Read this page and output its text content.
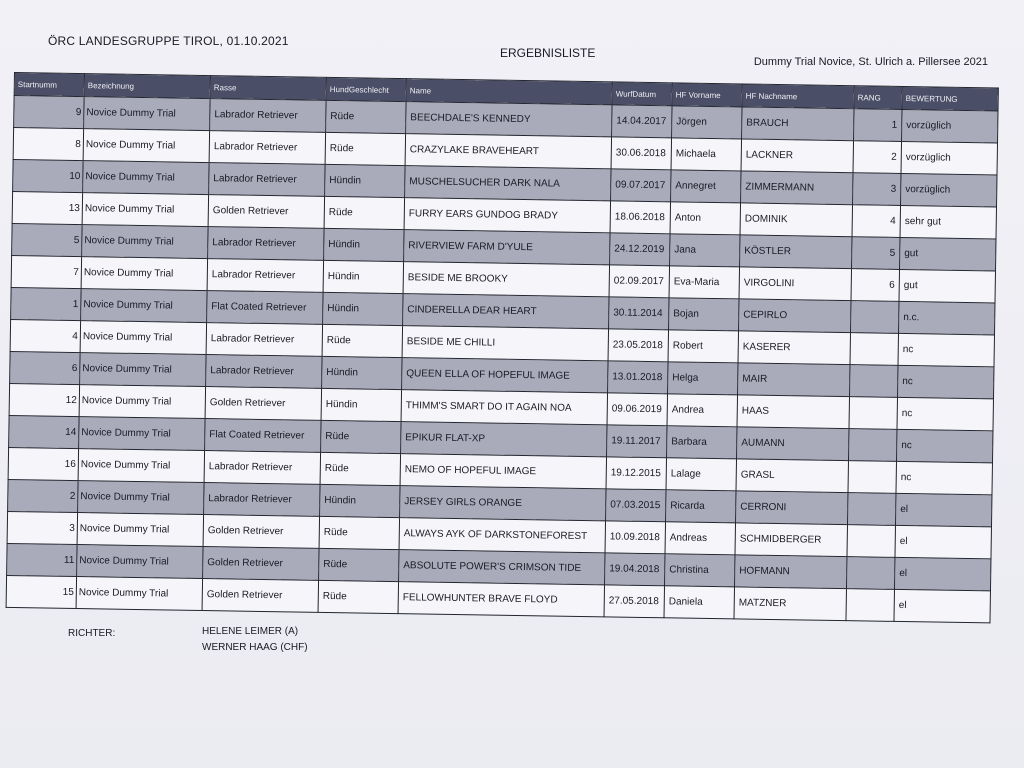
ÖRC LANDESGRUPPE TIROL, 01.10.2021
ERGEBNISLISTE
Dummy Trial Novice, St. Ulrich a. Pillersee 2021
Startnumm	Bezeichnung	Rasse	HundGeschlecht	Name	WurfDatum	HF Vorname	HF Nachname	RANG	BEWERTUNG
9	Novice Dummy Trial	Labrador Retriever	Rüde	BEECHDALE'S KENNEDY	14.04.2017	Jörgen	BRAUCH	1	vorzüglich
8	Novice Dummy Trial	Labrador Retriever	Rüde	CRAZYLAKE BRAVEHEART	30.06.2018	Michaela	LACKNER	2	vorzüglich
10	Novice Dummy Trial	Labrador Retriever	Hündin	MUSCHELSUCHER DARK NALA	09.07.2017	Annegret	ZIMMERMANN	3	vorzüglich
13	Novice Dummy Trial	Golden Retriever	Rüde	FURRY EARS GUNDOG BRADY	18.06.2018	Anton	DOMINIK	4	sehr gut
5	Novice Dummy Trial	Labrador Retriever	Hündin	RIVERVIEW FARM D'YULE	24.12.2019	Jana	KÖSTLER	5	gut
7	Novice Dummy Trial	Labrador Retriever	Hündin	BESIDE ME BROOKY	02.09.2017	Eva-Maria	VIRGOLINI	6	gut
1	Novice Dummy Trial	Flat Coated Retriever	Hündin	CINDERELLA DEAR HEART	30.11.2014	Bojan	CEPIRLO		n.c.
4	Novice Dummy Trial	Labrador Retriever	Rüde	BESIDE ME CHILLI	23.05.2018	Robert	KASERER		nc
6	Novice Dummy Trial	Labrador Retriever	Hündin	QUEEN ELLA OF HOPEFUL IMAGE	13.01.2018	Helga	MAIR		nc
12	Novice Dummy Trial	Golden Retriever	Hündin	THIMM'S SMART DO IT AGAIN NOA	09.06.2019	Andrea	HAAS		nc
14	Novice Dummy Trial	Flat Coated Retriever	Rüde	EPIKUR FLAT-XP	19.11.2017	Barbara	AUMANN		nc
16	Novice Dummy Trial	Labrador Retriever	Rüde	NEMO OF HOPEFUL IMAGE	19.12.2015	Lalage	GRASL		nc
2	Novice Dummy Trial	Labrador Retriever	Hündin	JERSEY GIRLS ORANGE	07.03.2015	Ricarda	CERRONI		el
3	Novice Dummy Trial	Golden Retriever	Rüde	ALWAYS AYK OF DARKSTONEFOREST	10.09.2018	Andreas	SCHMIDBERGER		el
11	Novice Dummy Trial	Golden Retriever	Rüde	ABSOLUTE POWER'S CRIMSON TIDE	19.04.2018	Christina	HOFMANN		el
15	Novice Dummy Trial	Golden Retriever	Rüde	FELLOWHUNTER BRAVE FLOYD	27.05.2018	Daniela	MATZNER		el
RICHTER:	HELENE LEIMER (A)
WERNER HAAG (CHF)
